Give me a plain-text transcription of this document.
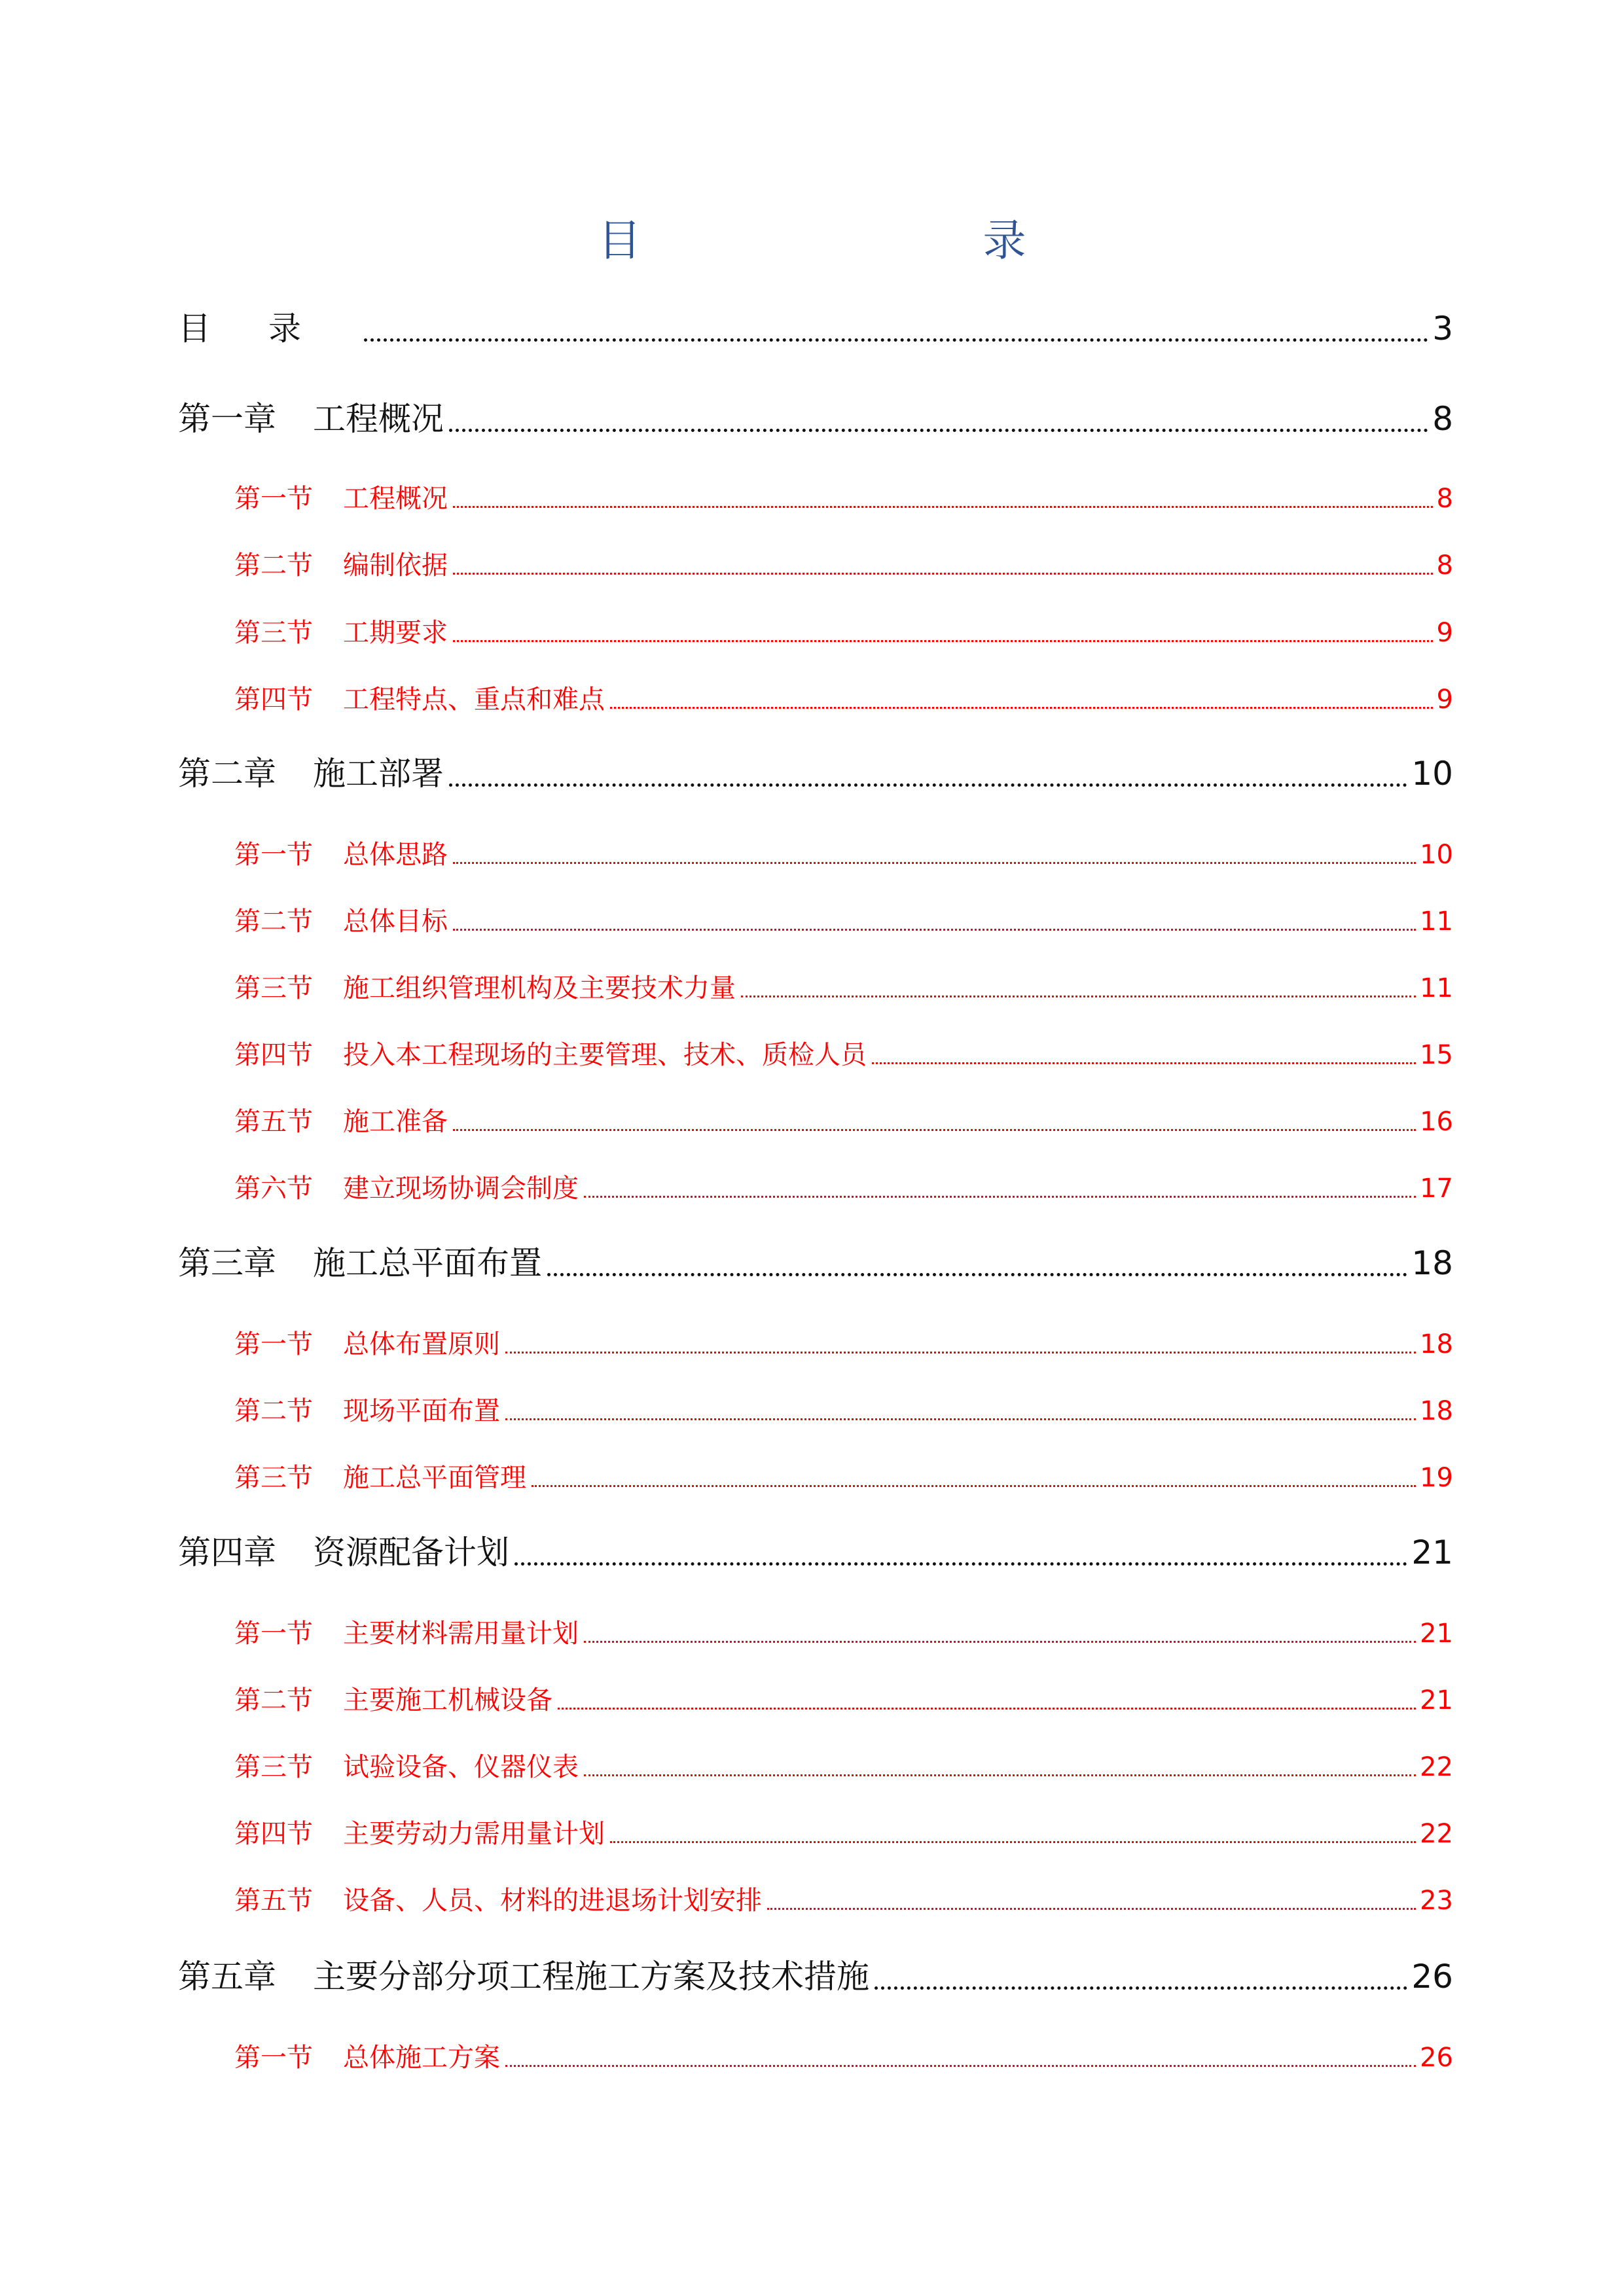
目　　录
目录	3
第一章	工程概况	8
第一节	工程概况	8
第二节	编制依据	8
第三节	工期要求	9
第四节	工程特点、重点和难点	9
第二章	施工部署	10
第一节	总体思路	10
第二节	总体目标	11
第三节	施工组织管理机构及主要技术力量	11
第四节	投入本工程现场的主要管理、技术、质检人员	15
第五节	施工准备	16
第六节	建立现场协调会制度	17
第三章	施工总平面布置	18
第一节	总体布置原则	18
第二节	现场平面布置	18
第三节	施工总平面管理	19
第四章	资源配备计划	21
第一节	主要材料需用量计划	21
第二节	主要施工机械设备	21
第三节	试验设备、仪器仪表	22
第四节	主要劳动力需用量计划	22
第五节	设备、人员、材料的进退场计划安排	23
第五章	主要分部分项工程施工方案及技术措施	26
第一节	总体施工方案	26
